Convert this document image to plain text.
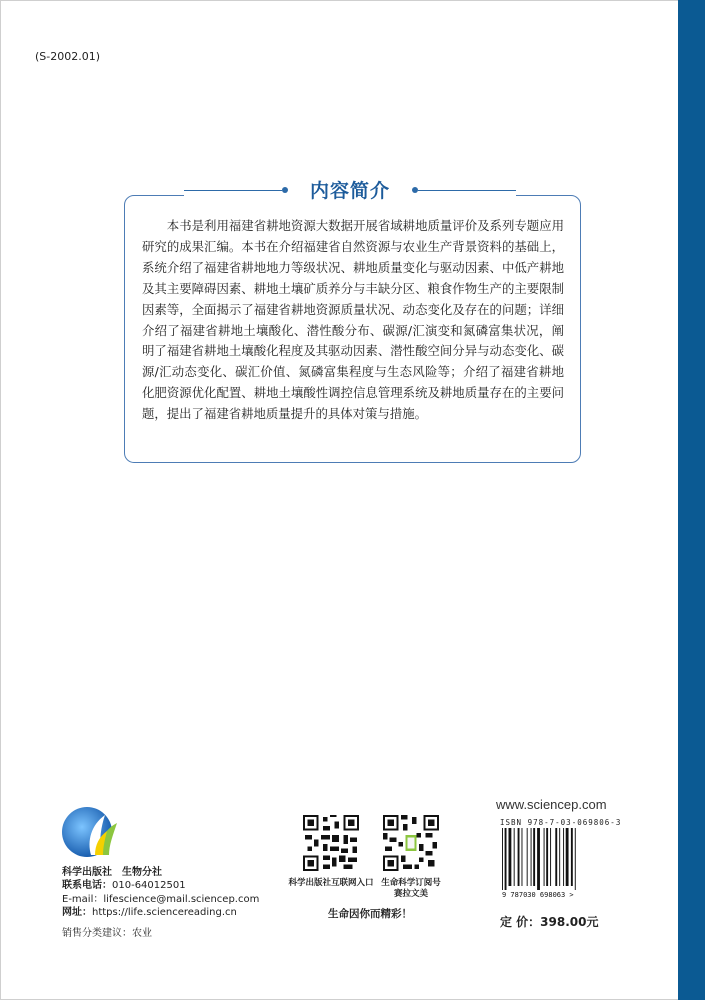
(S-2002.01)
内容简介

本书是利用福建省耕地资源大数据开展省域耕地质量评价及系列专题应用研究的成果汇编。本书在介绍福建省自然资源与农业生产背景资料的基础上，系统介绍了福建省耕地地力等级状况、耕地质量变化与驱动因素、中低产耕地及其主要障碍因素、耕地土壤矿质养分与丰缺分区、粮食作物生产的主要限制因素等，全面揭示了福建省耕地资源质量状况、动态变化及存在的问题；详细介绍了福建省耕地土壤酸化、潜性酸分布、碳源/汇演变和氮磷富集状况，阐明了福建省耕地土壤酸化程度及其驱动因素、潜性酸空间分异与动态变化、碳源/汇动态变化、碳汇价值、氮磷富集程度与生态风险等；介绍了福建省耕地化肥资源优化配置、耕地土壤酸性调控信息管理系统及耕地质量存在的主要问题，提出了福建省耕地质量提升的具体对策与措施。

科学出版社　生物分社
联系电话：010-64012501
E-mail：lifescience@mail.sciencep.com
网址：https://life.sciencereading.cn
销售分类建议：农业
科学出版社互联网入口 生命科学订阅号
赛拉文美
生命因你而精彩！
www.sciencep.com
ISBN 978-7-03-069806-3
9 787030 698063 >
定 价：398.00元
